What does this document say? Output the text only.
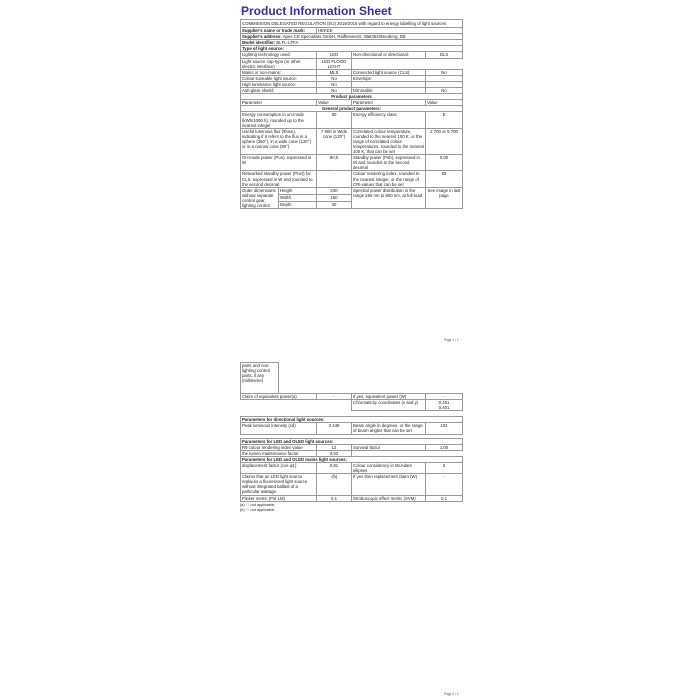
Product Information Sheet
COMMISSION DELEGATED REGULATION (EU) 2019/2015 with regard to energy labelling of light sources				
Supplier's name or trade mark:		HEKEE		
Supplier's address: Apex CE Specialists GmbH, Raiffeisenstr. 3la63543Neuberg, DE				
Model identifier: BLFL-LFFA				
Type of light source:				
Lighting technology used:		LED	Non-directional or directional:	DLS
Light source cap-type (or other electric interface)		LED FLOOD LIGHT		
Mains or non-mains:		MLS	Connected light source (CLS):	No
Colour-tuneable light source:		No	Envelope:	-
High luminance light source:		No		
Anti-glare shield:		No	Dimmable:	No
Product parameters				
Parameter		Value	Parameter	Value
General product parameters:				
Energy consumption in on-mode (kWh/1000 h), rounded up to the nearest integer		80	Energy efficiency class	E
Useful luminous flux (Φuse), indicating if it refers to the flux in a sphere (360°), in a wide cone (120°) or in a narrow cone (90°)		7 900 in Wide cone (120°)	Correlated colour temperature, rounded to the nearest 100 K, or the range of correlated colour temperatures, rounded to the nearest 100 K, that can be set	2 700 or 5 700
On-mode power (Pon), expressed in W		80,0	Standby power (Psb), expressed in W and rounded to the second decimal	0,00
Networked standby power (Pnet) for CLS, expressed in W and rounded to the second decimal		-	Colour rendering index, rounded to the nearest integer, or the range of CRI-values that can be set	83
Outer dimensions without separate control gear, lighting control	Height	240	Spectral power distribution in the range 250 nm to 800 nm, at full-load	See image in last page
	Width	150		
	Depth	30		
Page 1 / 2
parts and non-lighting control parts, if any (millimetre)				
Claim of equivalent power(a)		-	If yes, equivalent power (W)	-
			Chromaticity coordinates (x and y)	0,451
0,401

Parameters for directional light sources:				
Peak luminous intensity (cd)		3 449	Beam angle in degrees, or the range of beam angles that can be set	102

Parameters for LED and OLED light sources:				
R9 colour rendering index value		12	Survival factor	1,00
the lumen maintenance factor		0,93		
Parameters for LED and OLED mains light sources:				
displacement factor (cos φ1)		0,91	Colour consistency in McAdam ellipses	3
Claims that an LED light source replaces a fluorescent light source without integrated ballast of a particular wattage.		-(b)	If yes then replacement claim (W)	-
Flicker metric (Pst LM)		0,1	Stroboscopic effect metric (SVM)	0,1
(a) '-': not applicable;
(b) '-': not applicable;
Page 2 / 2
